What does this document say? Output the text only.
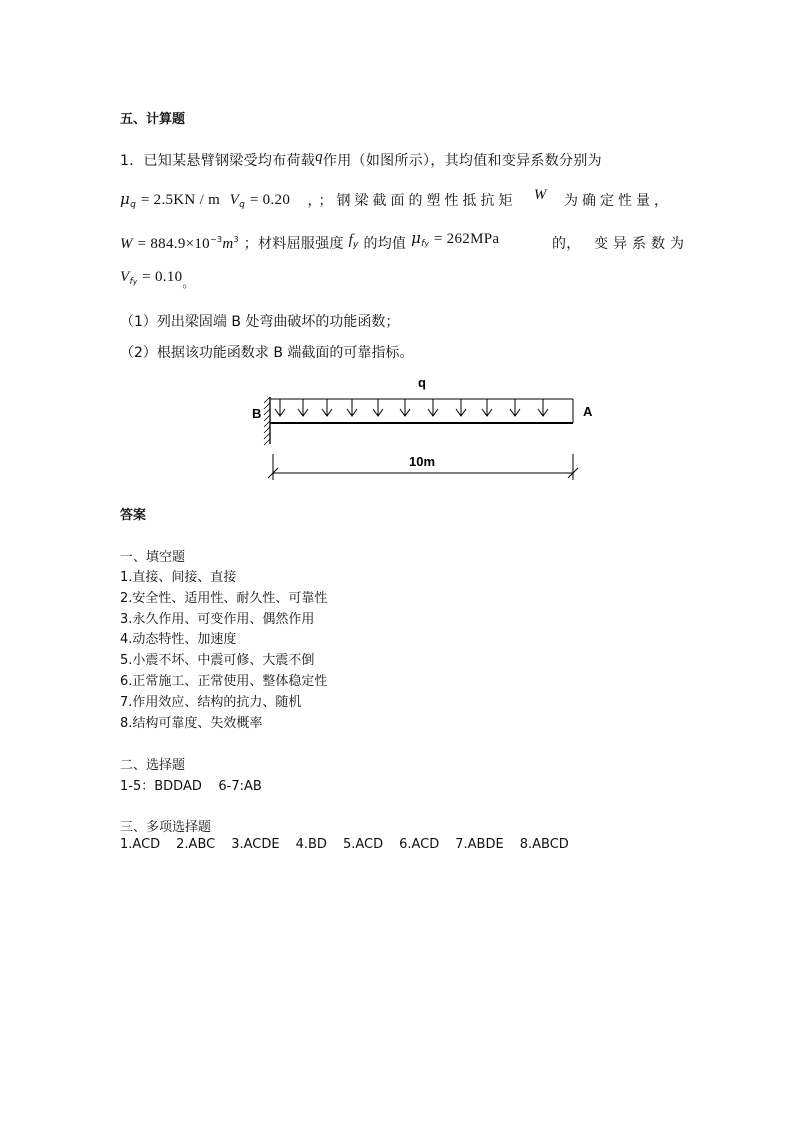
五、计算题
1．已知某悬臂钢梁受均布荷载q作用（如图所示），其均值和变异系数分别为
$\mu_q = 2.5KN / m$ $V_q = 0.20$ ，；钢梁截面的塑性抵抗矩 W 为确定性量，
$W = 884.9\times 10^{-3}m^3$ ；材料屈服强度 $f_y$ 的均值 $\mu_{fy} = 262MPa$	的， 变异系数为
$V_{fy} = 0.10$。
（1）列出梁固端 B 处弯曲破坏的功能函数；
（2）根据该功能函数求 B 端截面的可靠指标。
q
B	A
10m
答案
一、填空题
1.直接、间接、直接
2.安全性、适用性、耐久性、可靠性
3.永久作用、可变作用、偶然作用
4.动态特性、加速度
5.小震不坏、中震可修、大震不倒
6.正常施工、正常使用、整体稳定性
7.作用效应、结构的抗力、随机
8.结构可靠度、失效概率
二、选择题
1-5：BDDAD    6-7:AB
三、多项选择题
1.ACD 2.ABC 3.ACDE 4.BD 5.ACD 6.ACD 7.ABDE 8.ABCD
